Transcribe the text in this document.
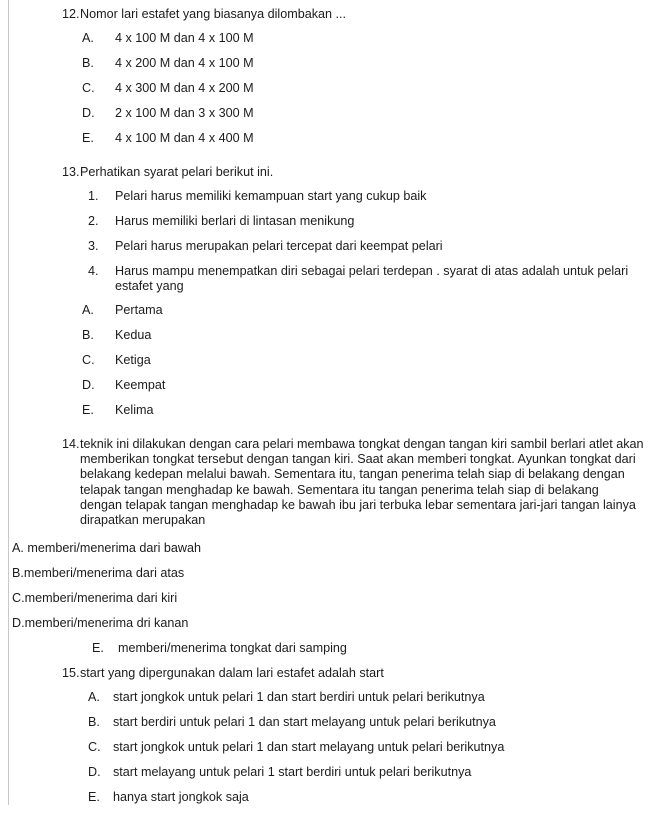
12. Nomor lari estafet yang biasanya dilombakan ...
A.	4 x 100 M dan 4 x 100 M
B.	4 x 200 M dan 4 x 100 M
C.	4 x 300 M dan 4 x 200 M
D.	2 x 100 M dan 3 x 300 M
E.	4 x 100 M dan 4 x 400 M
13. Perhatikan syarat pelari berikut ini.
1.	Pelari harus memiliki kemampuan start yang cukup baik
2.	Harus memiliki berlari di lintasan menikung
3.	Pelari harus merupakan pelari tercepat dari keempat pelari
4.	Harus mampu menempatkan diri sebagai pelari terdepan . syarat di atas adalah untuk pelari estafet yang
A.	Pertama
B.	Kedua
C.	Ketiga
D.	Keempat
E.	Kelima
14. teknik ini dilakukan dengan cara pelari membawa tongkat dengan tangan kiri sambil berlari atlet akan memberikan tongkat tersebut dengan tangan kiri. Saat akan memberi tongkat. Ayunkan tongkat dari belakang kedepan melalui bawah. Sementara itu, tangan penerima telah siap di belakang dengan telapak tangan menghadap ke bawah. Sementara itu tangan penerima telah siap di belakang dengan telapak tangan menghadap ke bawah ibu jari terbuka lebar sementara jari-jari tangan lainya dirapatkan merupakan
A. memberi/menerima dari bawah
B.memberi/menerima dari atas
C.memberi/menerima dari kiri
D.memberi/menerima dri kanan
E.	memberi/menerima tongkat dari samping
15. start yang dipergunakan dalam lari estafet adalah start
A.	start jongkok untuk pelari 1 dan start berdiri untuk pelari berikutnya
B.	start berdiri untuk pelari 1 dan start melayang untuk pelari berikutnya
C. start jongkok untuk pelari 1 dan start melayang untuk pelari berikutnya
D. start melayang untuk pelari 1 start berdiri untuk pelari berikutnya
E.	hanya start jongkok saja
